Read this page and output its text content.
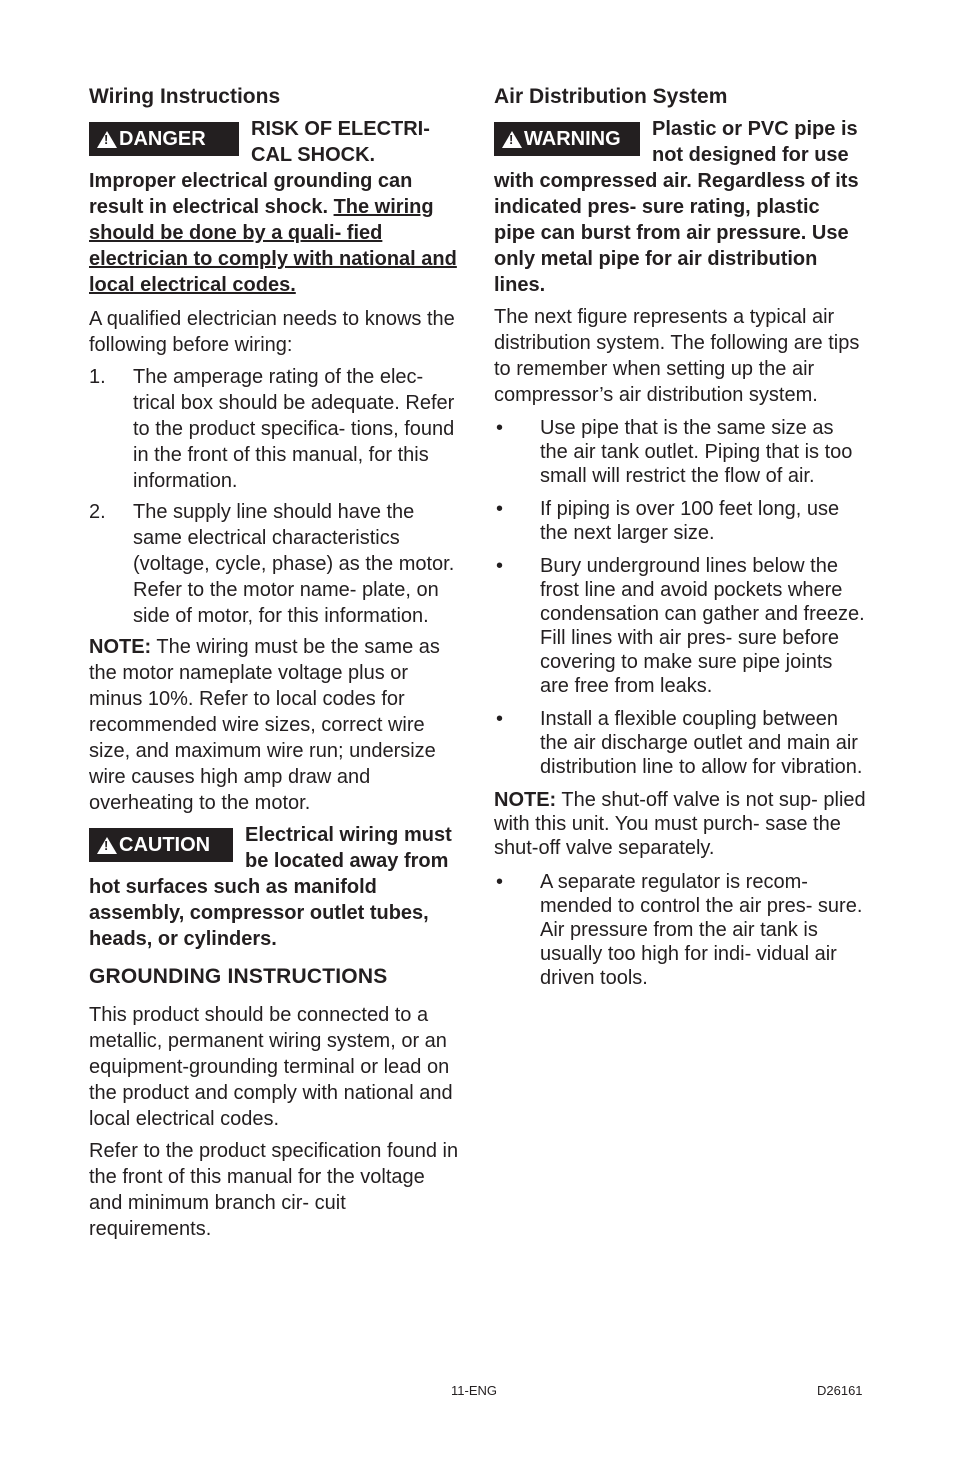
Wiring Instructions
!
DANGER	RISK OF ELECTRI- CAL SHOCK.

Improper electrical grounding can result in electrical shock. The wiring should be done by a quali- fied electrician to comply with national and local electrical codes.

A qualified electrician needs to knows the following before wiring:

1.	The amperage rating of the elec- trical box should be adequate. Refer to the product specifica- tions, found in the front of this manual, for this information.
2.	The supply line should have the same electrical characteristics (voltage, cycle, phase) as the motor. Refer to the motor name- plate, on side of motor, for this information.

NOTE: The wiring must be the same as the motor nameplate voltage plus or minus 10%. Refer to local codes for recommended wire sizes, correct wire size, and maximum wire run; undersize wire causes high amp draw and overheating to the motor.

!
CAUTION	Electrical wiring must be located away from hot surfaces such as manifold assembly, compressor outlet tubes, heads, or cylinders.

GROUNDING INSTRUCTIONS

This product should be connected to a metallic, permanent wiring system, or an equipment-grounding terminal or lead on the product and comply with national and local electrical codes.

Refer to the product specification found in the front of this manual for the voltage and minimum branch cir- cuit requirements.

Air Distribution System
!
WARNING	Plastic or PVC pipe is not designed for use with compressed air. Regardless of its indicated pres- sure rating, plastic pipe can burst from air pressure. Use only metal pipe for air distribution lines.

The next figure represents a typical air distribution system. The following are tips to remember when setting up the air compressor’s air distribution system.

•	Use pipe that is the same size as the air tank outlet. Piping that is too small will restrict the flow of air.
•	If piping is over 100 feet long, use the next larger size.
•	Bury underground lines below the frost line and avoid pockets where condensation can gather and freeze. Fill lines with air pres- sure before covering to make sure pipe joints are free from leaks.
•	Install a flexible coupling between the air discharge outlet and main air distribution line to allow for vibration.

NOTE: The shut-off valve is not sup- plied with this unit. You must purch- sase the shut-off valve separately.

•	A separate regulator is recom- mended to control the air pres- sure. Air pressure from the air tank is usually too high for indi- vidual air driven tools.
11-ENG	D26161
